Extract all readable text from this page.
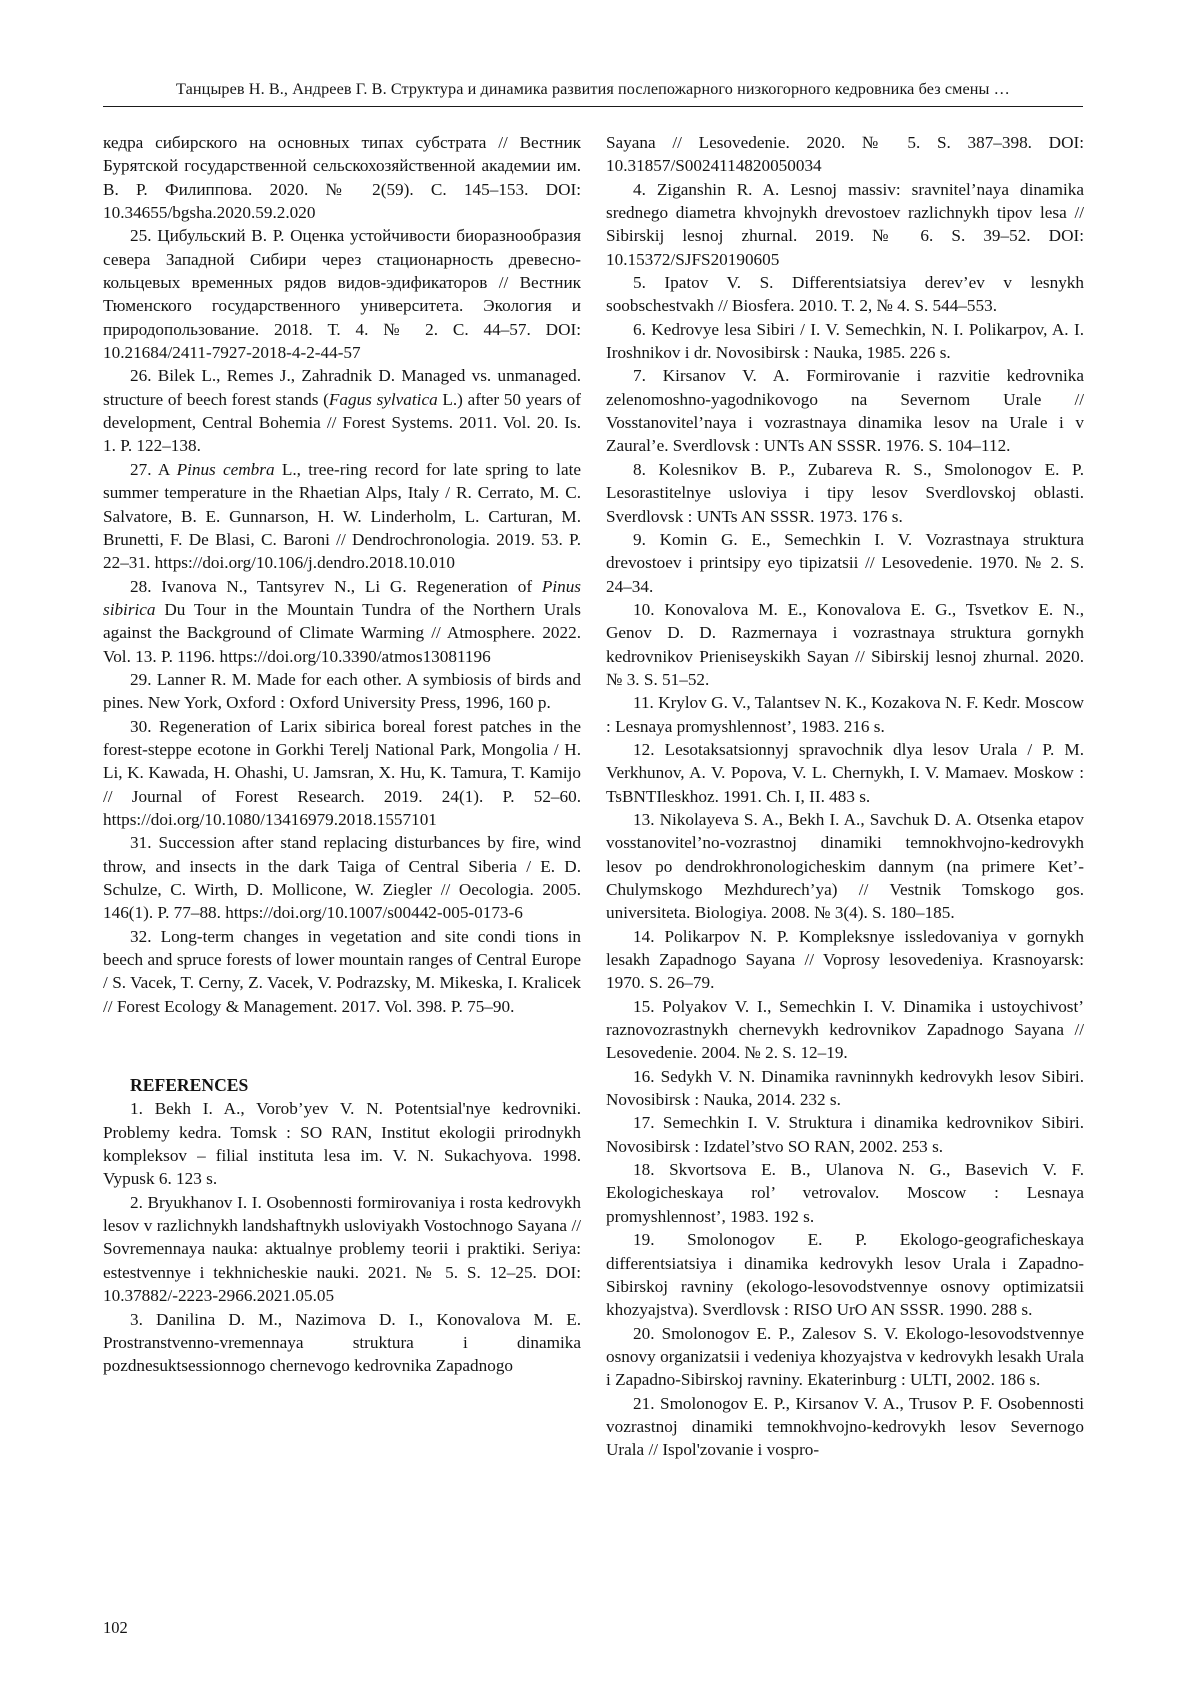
Танцырев Н. В., Андреев Г. В. Структура и динамика развития послепожарного низкогорного кедровника без смены …

кедра сибирского на основных типах субстрата // Вестник Бурятской государственной сельскохозяйственной академии им. В. Р. Филиппова. 2020. № 2(59). С. 145–153. DOI: 10.34655/bgsha.2020.59.2.020

25. Цибульский В. Р. Оценка устойчивости биоразнообразия севера Западной Сибири через стационарность древесно-кольцевых временных рядов видов-эдификаторов // Вестник Тюменского государственного университета. Экология и природопользование. 2018. Т. 4. № 2. С. 44–57. DOI: 10.21684/2411-7927-2018-4-2-44-57

26. Bilek L., Remes J., Zahradnik D. Managed vs. unmanaged. structure of beech forest stands (Fagus sylvatica L.) after 50 years of development, Central Bohemia // Forest Systems. 2011. Vol. 20. Is. 1. P. 122–138.

27. A Pinus cembra L., tree-ring record for late spring to late summer temperature in the Rhaetian Alps, Italy / R. Cerrato, M. C. Salvatore, B. E. Gunnarson, H. W. Linderholm, L. Carturan, M. Brunetti, F. De Blasi, C. Baroni // Dendrochronologia. 2019. 53. P. 22–31. https://doi.org/10.106/j.dendro.2018.10.010

28. Ivanova N., Tantsyrev N., Li G. Regeneration of Pinus sibirica Du Tour in the Mountain Tundra of the Northern Urals against the Background of Climate Warming // Atmosphere. 2022. Vol. 13. P. 1196. https://doi.org/10.3390/atmos13081196

29. Lanner R. M. Made for each other. A symbiosis of birds and pines. New York, Oxford : Oxford University Press, 1996, 160 p.

30. Regeneration of Larix sibirica boreal forest patches in the forest-steppe ecotone in Gorkhi Terelj National Park, Mongolia / H. Li, K. Kawada, H. Ohashi, U. Jamsran, X. Hu, K. Tamura, T. Kamijo // Journal of Forest Research. 2019. 24(1). P. 52–60. https://doi.org/10.1080/13416979.2018.1557101

31. Succession after stand replacing disturbances by fire, wind throw, and insects in the dark Taiga of Central Siberia / E. D. Schulze, C. Wirth, D. Mollicone, W. Ziegler // Oecologia. 2005. 146(1). P. 77–88. https://doi.org/10.1007/s00442-005-0173-6

32. Long-term changes in vegetation and site condi tions in beech and spruce forests of lower mountain ranges of Central Europe / S. Vacek, T. Cerny, Z. Vacek, V. Podrazsky, M. Mikeska, I. Kralicek // Forest Ecology & Management. 2017. Vol. 398. P. 75–90.

REFERENCES

1. Bekh I. A., Vorob’yev V. N. Potentsial'nye kedrovniki. Problemy kedra. Tomsk : SO RAN, Institut ekologii prirodnykh kompleksov – filial instituta lesa im. V. N. Sukachyova. 1998. Vypusk 6. 123 s.

2. Bryukhanov I. I. Osobennosti formirovaniya i rosta kedrovykh lesov v razlichnykh landshaftnykh usloviyakh Vostochnogo Sayana // Sovremennaya nauka: aktualnye problemy teorii i praktiki. Seriya: estestvennye i tekhnicheskie nauki. 2021. № 5. S. 12–25. DOI: 10.37882/-2223-2966.2021.05.05

3. Danilina D. M., Nazimova D. I., Konovalova M. E. Prostranstvenno-vremennaya struktura i dinamika pozdnesuktsessionnogo chernevogo kedrovnika Zapadnogo

Sayana // Lesovedenie. 2020. № 5. S. 387–398. DOI: 10.31857/S0024114820050034

4. Ziganshin R. A. Lesnoj massiv: sravnitel’naya dinamika srednego diametra khvojnykh drevostoev razlichnykh tipov lesa // Sibirskij lesnoj zhurnal. 2019. № 6. S. 39–52. DOI: 10.15372/SJFS20190605

5. Ipatov V. S. Differentsiatsiya derev’ev v lesnykh soobschestvakh // Biosfera. 2010. T. 2, № 4. S. 544–553.

6. Kedrovye lesa Sibiri / I. V. Semechkin, N. I. Polikarpov, A. I. Iroshnikov i dr. Novosibirsk : Nauka, 1985. 226 s.

7. Kirsanov V. A. Formirovanie i razvitie kedrovnika zelenomoshno-yagodnikovogo na Severnom Urale // Vosstanovitel’naya i vozrastnaya dinamika lesov na Urale i v Zaural’e. Sverdlovsk : UNTs AN SSSR. 1976. S. 104–112.

8. Kolesnikov B. P., Zubareva R. S., Smolonogov E. P. Lesorastitelnye usloviya i tipy lesov Sverdlovskoj oblasti. Sverdlovsk : UNTs AN SSSR. 1973. 176 s.

9. Komin G. E., Semechkin I. V. Vozrastnaya struktura drevostoev i printsipy eyo tipizatsii // Lesovedenie. 1970. № 2. S. 24–34.

10. Konovalova M. E., Konovalova E. G., Tsvetkov E. N., Genov D. D. Razmernaya i vozrastnaya struktura gornykh kedrovnikov Prieniseyskikh Sayan // Sibirskij lesnoj zhurnal. 2020. № 3. S. 51–52.

11. Krylov G. V., Talantsev N. K., Kozakova N. F. Kedr. Moscow : Lesnaya promyshlennost’, 1983. 216 s.

12. Lesotaksatsionnyj spravochnik dlya lesov Urala / P. M. Verkhunov, A. V. Popova, V. L. Chernykh, I. V. Mamaev. Moskow : TsBNTIleskhoz. 1991. Ch. I, II. 483 s.

13. Nikolayeva S. A., Bekh I. A., Savchuk D. A. Otsenka etapov vosstanovitel’no-vozrastnoj dinamiki temnokhvojno-kedrovykh lesov po dendrokhronologicheskim dannym (na primere Ket’-Chulymskogo Mezhdurech’ya) // Vestnik Tomskogo gos. universiteta. Biologiya. 2008. № 3(4). S. 180–185.

14. Polikarpov N. P. Kompleksnye issledovaniya v gornykh lesakh Zapadnogo Sayana // Voprosy lesovedeniya. Krasnoyarsk: 1970. S. 26–79.

15. Polyakov V. I., Semechkin I. V. Dinamika i ustoychivost’ raznovozrastnykh chernevykh kedrovnikov Zapadnogo Sayana // Lesovedenie. 2004. № 2. S. 12–19.

16. Sedykh V. N. Dinamika ravninnykh kedrovykh lesov Sibiri. Novosibirsk : Nauka, 2014. 232 s.

17. Semechkin I. V. Struktura i dinamika kedrovnikov Sibiri. Novosibirsk : Izdatel’stvo SO RAN, 2002. 253 s.

18. Skvortsova E. B., Ulanova N. G., Basevich V. F. Ekologicheskaya rol’ vetrovalov. Moscow : Lesnaya promyshlennost’, 1983. 192 s.

19. Smolonogov E. P. Ekologo-geograficheskaya differentsiatsiya i dinamika kedrovykh lesov Urala i Zapadno-Sibirskoj ravniny (ekologo-lesovodstvennye osnovy optimizatsii khozyajstva). Sverdlovsk : RISO UrO AN SSSR. 1990. 288 s.

20. Smolonogov E. P., Zalesov S. V. Ekologo-lesovodstvennye osnovy organizatsii i vedeniya khozyajstva v kedrovykh lesakh Urala i Zapadno-Sibirskoj ravniny. Ekaterinburg : ULTI, 2002. 186 s.

21. Smolonogov E. P., Kirsanov V. A., Trusov P. F. Osobennosti vozrastnoj dinamiki temnokhvojno-kedrovykh lesov Severnogo Urala // Ispol'zovanie i vospro-

102
